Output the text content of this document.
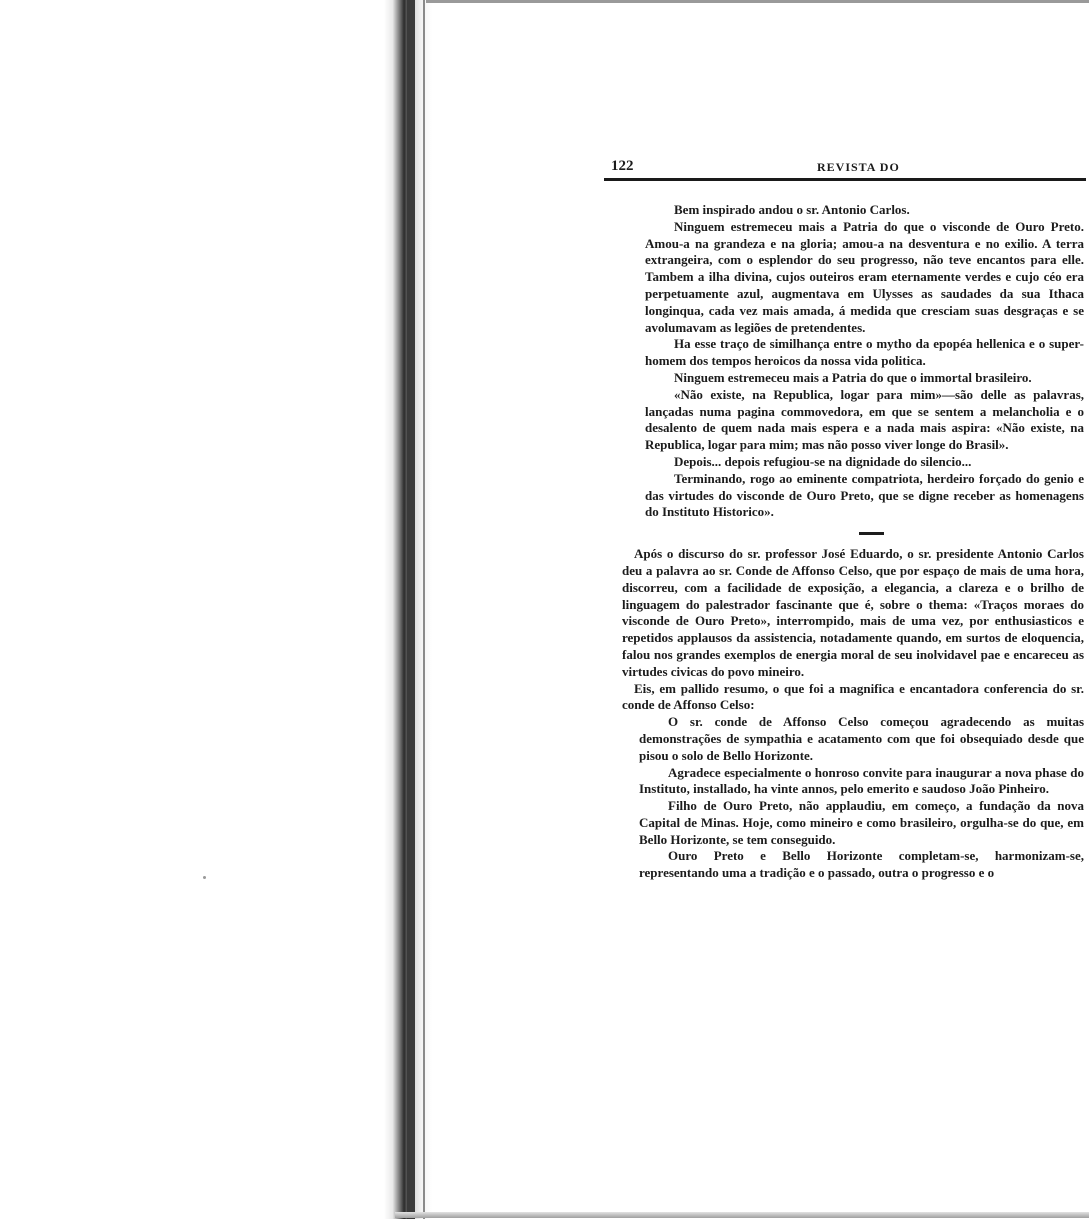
122	REVISTA DO

Bem inspirado andou o sr. Antonio Carlos.

Ninguem estremeceu mais a Patria do que o visconde de Ouro Preto. Amou-a na grandeza e na gloria; amou-a na desventura e no exilio. A terra extrangeira, com o esplendor do seu progresso, não teve encantos para elle. Tambem a ilha divina, cujos outeiros eram eternamente verdes e cujo céo era perpetuamente azul, augmentava em Ulysses as saudades da sua Ithaca longinqua, cada vez mais amada, á medida que cresciam suas desgraças e se avolumavam as legiões de pretendentes.

Ha esse traço de similhança entre o mytho da epopéa hellenica e o super-homem dos tempos heroicos da nossa vida politica.

Ninguem estremeceu mais a Patria do que o immortal brasileiro.

«Não existe, na Republica, logar para mim»—são delle as palavras, lançadas numa pagina commovedora, em que se sentem a melancholia e o desalento de quem nada mais espera e a nada mais aspira: «Não existe, na Republica, logar para mim; mas não posso viver longe do Brasil».

Depois... depois refugiou-se na dignidade do silencio...

Terminando, rogo ao eminente compatriota, herdeiro forçado do genio e das virtudes do visconde de Ouro Preto, que se digne receber as homenagens do Instituto Historico».

Após o discurso do sr. professor José Eduardo, o sr. presidente Antonio Carlos deu a palavra ao sr. Conde de Affonso Celso, que por espaço de mais de uma hora, discorreu, com a facilidade de exposição, a elegancia, a clareza e o brilho de linguagem do palestrador fascinante que é, sobre o thema: «Traços moraes do visconde de Ouro Preto», interrompido, mais de uma vez, por enthusiasticos e repetidos applausos da assistencia, notadamente quando, em surtos de eloquencia, falou nos grandes exemplos de energia moral de seu inolvidavel pae e encareceu as virtudes civicas do povo mineiro.

Eis, em pallido resumo, o que foi a magnifica e encantadora conferencia do sr. conde de Affonso Celso:

O sr. conde de Affonso Celso começou agradecendo as muitas demonstrações de sympathia e acatamento com que foi obsequiado desde que pisou o solo de Bello Horizonte.

Agradece especialmente o honroso convite para inaugurar a nova phase do Instituto, installado, ha vinte annos, pelo emerito e saudoso João Pinheiro.

Filho de Ouro Preto, não applaudiu, em começo, a fundação da nova Capital de Minas. Hoje, como mineiro e como brasileiro, orgulha-se do que, em Bello Horizonte, se tem conseguido.

Ouro Preto e Bello Horizonte completam-se, harmonizam-se, representando uma a tradição e o passado, outra o progresso e o
